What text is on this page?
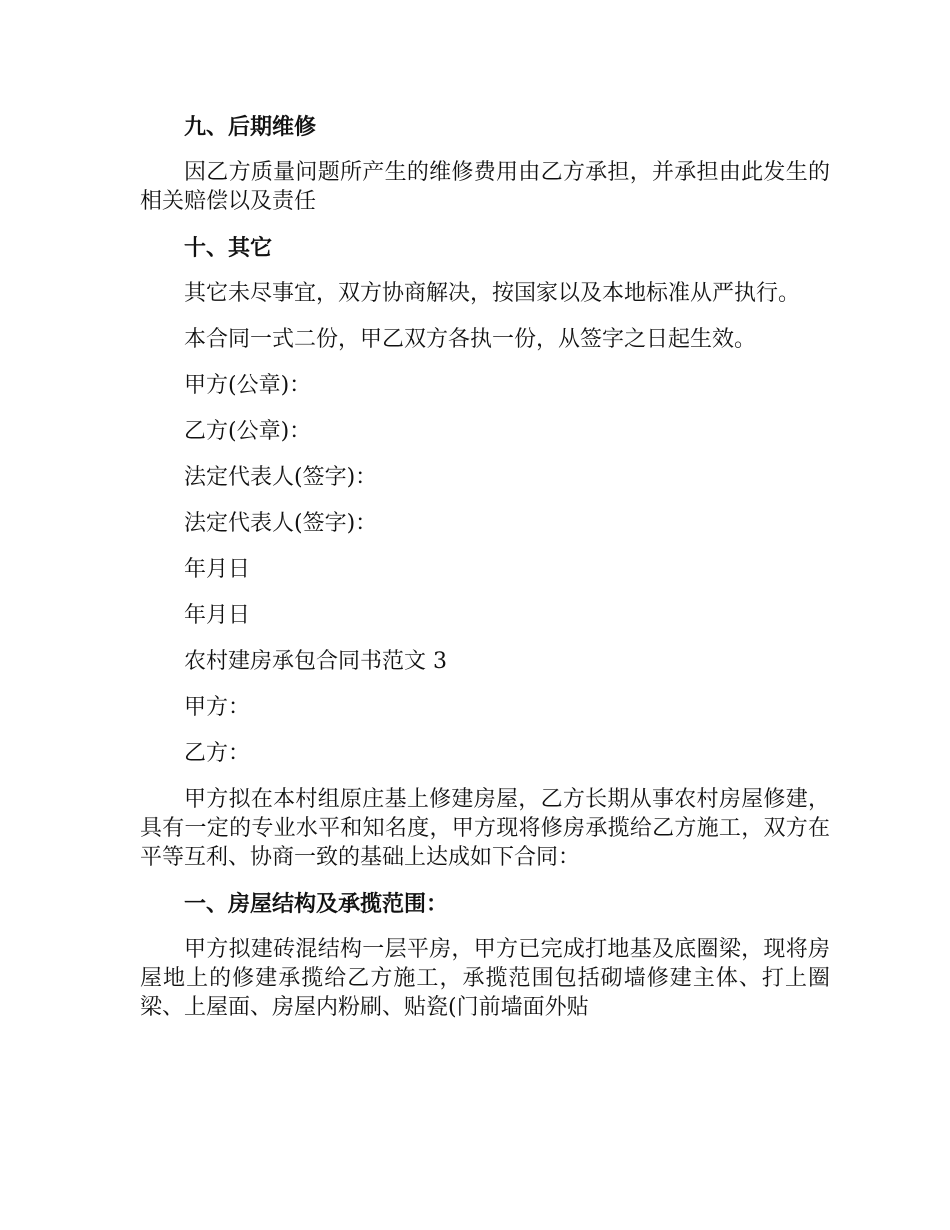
九、后期维修

因乙方质量问题所产生的维修费用由乙方承担，并承担由此发生的相关赔偿以及责任

十、其它

其它未尽事宜，双方协商解决，按国家以及本地标准从严执行。

本合同一式二份，甲乙双方各执一份，从签字之日起生效。
甲方(公章)：
乙方(公章)：
法定代表人(签字)：
法定代表人(签字)：
年月日
年月日
农村建房承包合同书范文 3
甲方：
乙方：

甲方拟在本村组原庄基上修建房屋，乙方长期从事农村房屋修建，具有一定的专业水平和知名度，甲方现将修房承揽给乙方施工，双方在平等互利、协商一致的基础上达成如下合同：

一、房屋结构及承揽范围：

甲方拟建砖混结构一层平房，甲方已完成打地基及底圈梁，现将房屋地上的修建承揽给乙方施工，承揽范围包括砌墙修建主体、打上圈梁、上屋面、房屋内粉刷、贴瓷(门前墙面外贴
